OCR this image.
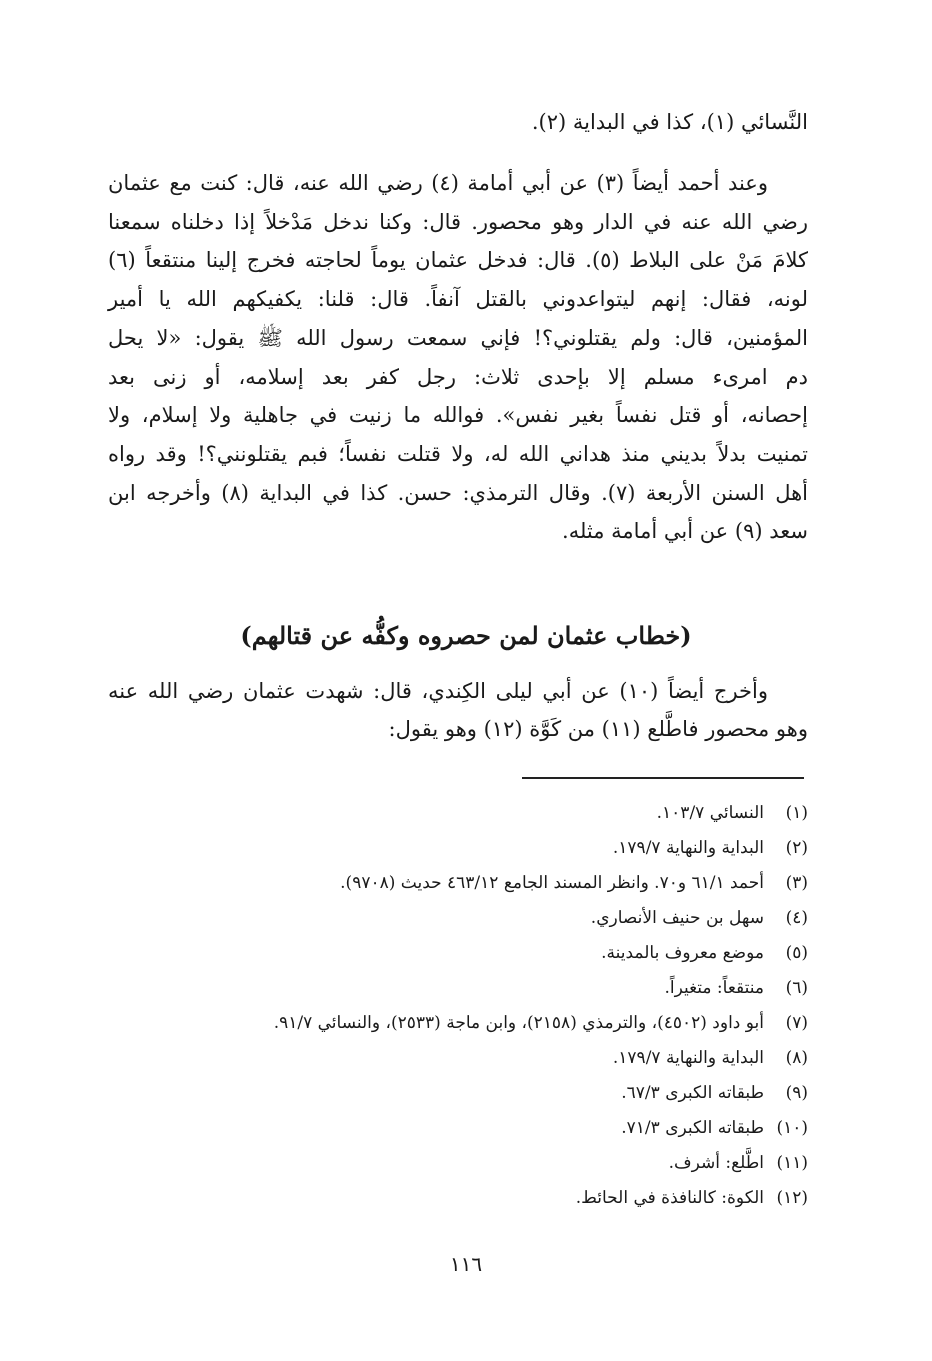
النَّسائي (١)، كذا في البداية (٢).
وعند أحمد أيضاً (٣) عن أبي أمامة (٤) رضي الله عنه، قال: كنت مع عثمان
رضي الله عنه في الدار وهو محصور. قال: وكنا ندخل مَدْخلاً إذا دخلناه سمعنا
كلامَ مَنْ على البلاط (٥). قال: فدخل عثمان يوماً لحاجته فخرج إلينا منتقعاً (٦)
لونه، فقال: إنهم ليتواعدوني بالقتل آنفاً. قال: قلنا: يكفيكهم الله يا أمير
المؤمنين، قال: ولم يقتلوني؟! فإني سمعت رسول الله ﷺ يقول: «لا يحل
دم امرىء مسلم إلا بإحدى ثلاث: رجل كفر بعد إسلامه، أو زنى بعد
إحصانه، أو قتل نفساً بغير نفس». فوالله ما زنيت في جاهلية ولا إسلام، ولا
تمنيت بدلاً بديني منذ هداني الله له، ولا قتلت نفساً؛ فبم يقتلونني؟! وقد رواه
أهل السنن الأربعة (٧). وقال الترمذي: حسن. كذا في البداية (٨) وأخرجه ابن
سعد (٩) عن أبي أمامة مثله.
(خطاب عثمان لمن حصروه وكفُّه عن قتالهم)
وأخرج أيضاً (١٠) عن أبي ليلى الكِندي، قال: شهدت عثمان رضي الله عنه
وهو محصور فاطَّلع (١١) من كَوَّة (١٢) وهو يقول:
(١)
النسائي ١٠٣/٧.
(٢)
البداية والنهاية ١٧٩/٧.
(٣)
أحمد ٦١/١ و٧٠. وانظر المسند الجامع ٤٦٣/١٢ حديث (٩٧٠٨).
(٤)
سهل بن حنيف الأنصاري.
(٥)
موضع معروف بالمدينة.
(٦)
منتقعاً: متغيراً.
(٧)
أبو داود (٤٥٠٢)، والترمذي (٢١٥٨)، وابن ماجة (٢٥٣٣)، والنسائي ٩١/٧.
(٨)
البداية والنهاية ١٧٩/٧.
(٩)
طبقاته الكبرى ٦٧/٣.
(١٠)
طبقاته الكبرى ٧١/٣.
(١١)
اطَّلع: أشرف.
(١٢)
الكوة: كالنافذة في الحائط.
١١٦
